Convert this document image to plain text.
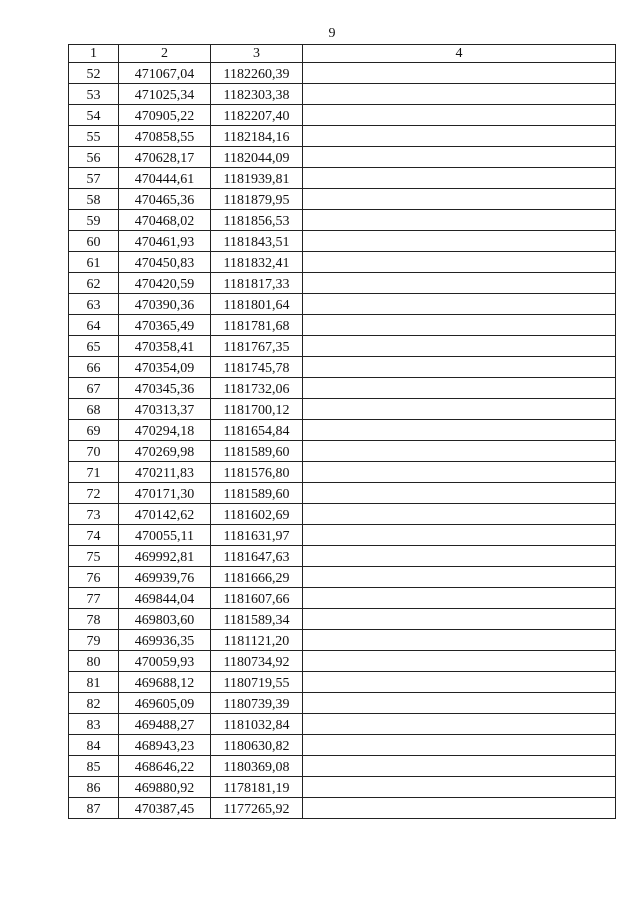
9
1	2	3	4
52	471067,04	1182260,39	
53	471025,34	1182303,38	
54	470905,22	1182207,40	
55	470858,55	1182184,16	
56	470628,17	1182044,09	
57	470444,61	1181939,81	
58	470465,36	1181879,95	
59	470468,02	1181856,53	
60	470461,93	1181843,51	
61	470450,83	1181832,41	
62	470420,59	1181817,33	
63	470390,36	1181801,64	
64	470365,49	1181781,68	
65	470358,41	1181767,35	
66	470354,09	1181745,78	
67	470345,36	1181732,06	
68	470313,37	1181700,12	
69	470294,18	1181654,84	
70	470269,98	1181589,60	
71	470211,83	1181576,80	
72	470171,30	1181589,60	
73	470142,62	1181602,69	
74	470055,11	1181631,97	
75	469992,81	1181647,63	
76	469939,76	1181666,29	
77	469844,04	1181607,66	
78	469803,60	1181589,34	
79	469936,35	1181121,20	
80	470059,93	1180734,92	
81	469688,12	1180719,55	
82	469605,09	1180739,39	
83	469488,27	1181032,84	
84	468943,23	1180630,82	
85	468646,22	1180369,08	
86	469880,92	1178181,19	
87	470387,45	1177265,92	
